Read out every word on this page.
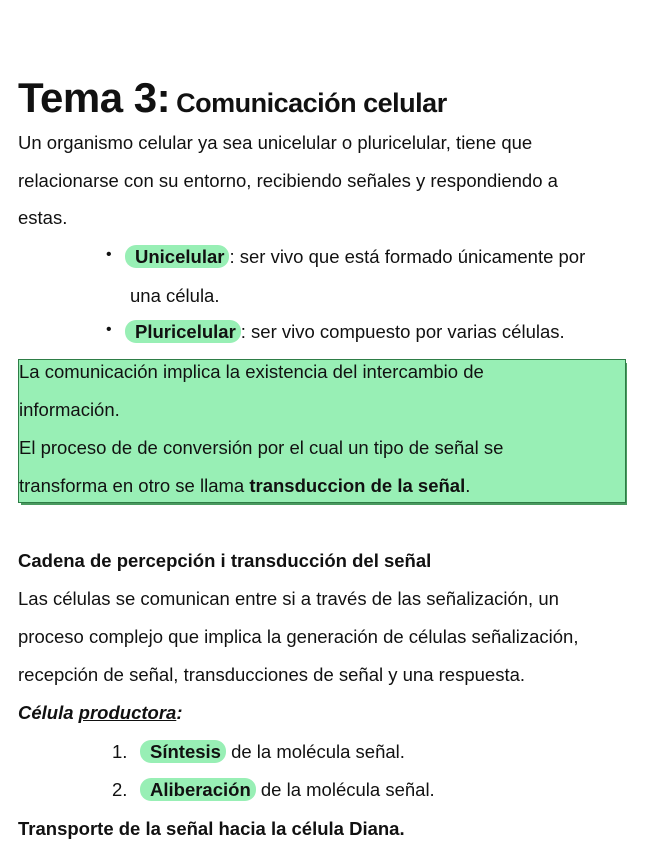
Tema 3: Comunicación celular
Un organismo celular ya sea unicelular o pluricelular, tiene que
relacionarse con su entorno, recibiendo señales y respondiendo a
estas.
• Unicelular : ser vivo que está formado únicamente por
una célula.
• Pluricelular : ser vivo compuesto por varias células.
La comunicación implica la existencia del intercambio de
información.
El proceso de de conversión por el cual un tipo de señal se
transforma en otro se llama transduccion de la señal.
Cadena de percepción i transducción del señal
Las células se comunican entre si a través de las señalización, un
proceso complejo que implica la generación de células señalización,
recepción de señal, transducciones de señal y una respuesta.
Célula productora:
1. Síntesis de la molécula señal.
2. Aliberación de la molécula señal.
Transporte de la señal hacia la célula Diana.
